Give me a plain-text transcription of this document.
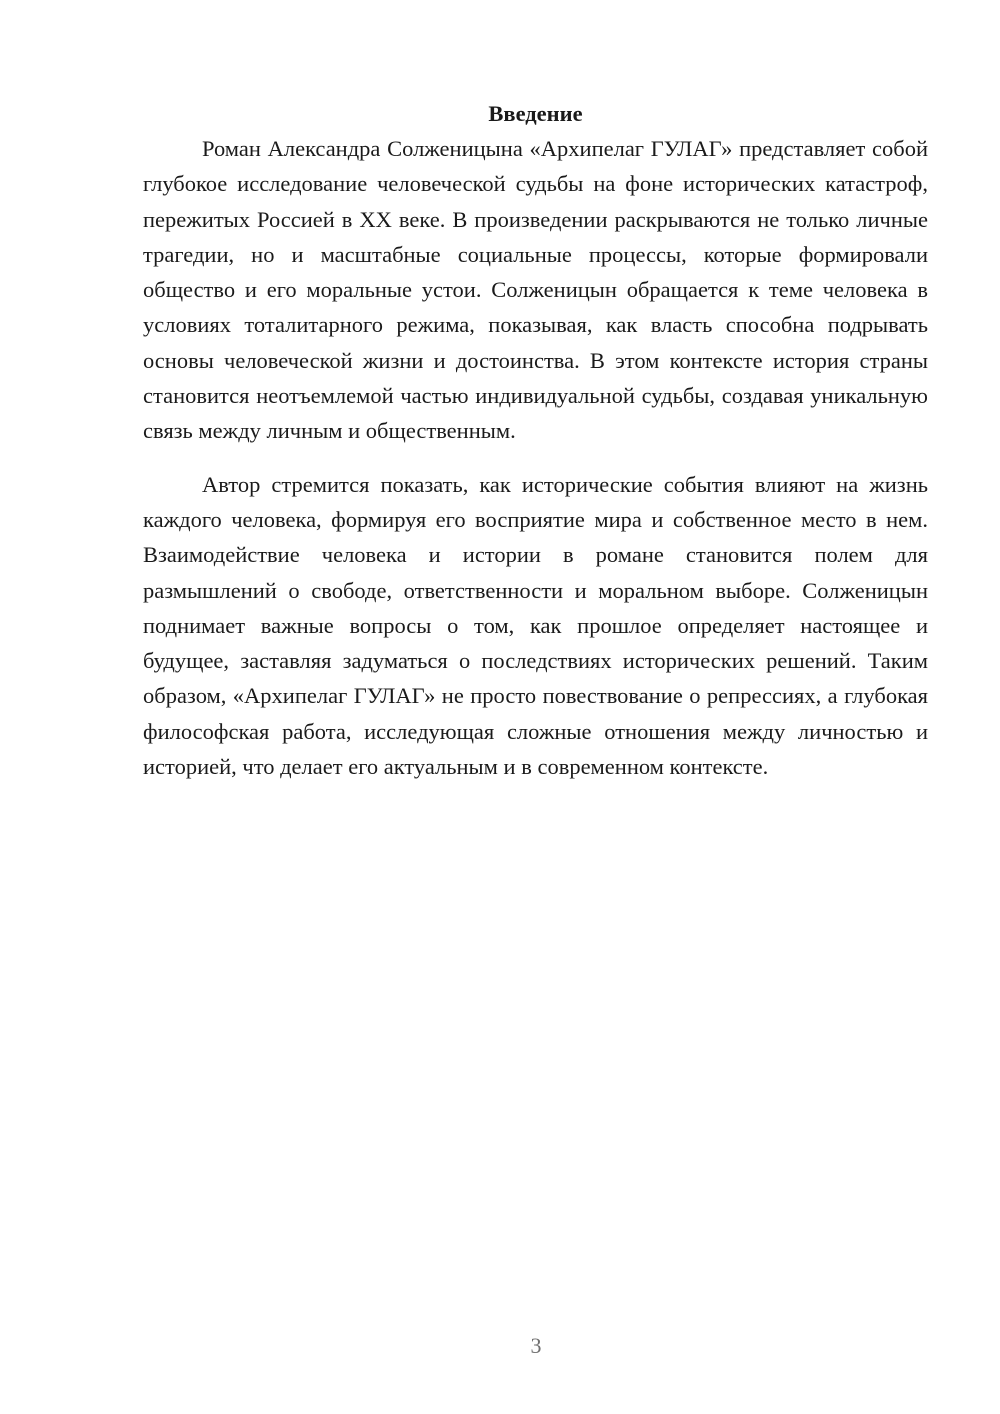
Введение

Роман Александра Солженицына «Архипелаг ГУЛАГ» представляет собой глубокое исследование человеческой судьбы на фоне исторических катастроф, пережитых Россией в XX веке. В произведении раскрываются не только личные трагедии, но и масштабные социальные процессы, которые формировали общество и его моральные устои. Солженицын обращается к теме человека в условиях тоталитарного режима, показывая, как власть способна подрывать основы человеческой жизни и достоинства. В этом контексте история страны становится неотъемлемой частью индивидуальной судьбы, создавая уникальную связь между личным и общественным.

Автор стремится показать, как исторические события влияют на жизнь каждого человека, формируя его восприятие мира и собственное место в нем. Взаимодействие человека и истории в романе становится полем для размышлений о свободе, ответственности и моральном выборе. Солженицын поднимает важные вопросы о том, как прошлое определяет настоящее и будущее, заставляя задуматься о последствиях исторических решений. Таким образом, «Архипелаг ГУЛАГ» не просто повествование о репрессиях, а глубокая философская работа, исследующая сложные отношения между личностью и историей, что делает его актуальным и в современном контексте.

3
